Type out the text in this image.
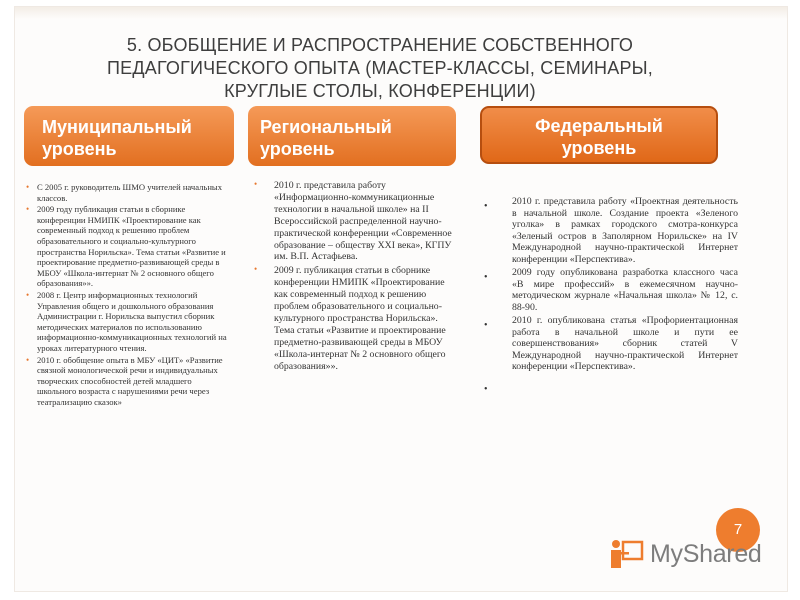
5. ОБОБЩЕНИЕ И РАСПРОСТРАНЕНИЕ СОБСТВЕННОГО
ПЕДАГОГИЧЕСКОГО ОПЫТА (МАСТЕР-КЛАССЫ, СЕМИНАРЫ,
КРУГЛЫЕ СТОЛЫ, КОНФЕРЕНЦИИ)
Муниципальный
уровень
Региональный
уровень
Федеральный
уровень
• С 2005 г. руководитель ШМО учителей начальных классов.
• 2009 году публикация статьи в сборнике конференции НМИПК «Проектирование как современный подход к решению проблем образовательного и социально-культурного пространства Норильска». Тема статьи «Развитие и проектирование предметно-развивающей среды в МБОУ «Школа-интернат № 2 основного общего образования»».
• 2008 г. Центр информационных технологий Управления общего и дошкольного образования Администрации г. Норильска выпустил сборник методических материалов по использованию информационно-коммуникационных технологий на уроках литературного чтения.
• 2010 г. обобщение опыта в МБУ «ЦИТ» «Развитие связной монологической речи и индивидуальных творческих способностей детей младшего школьного возраста с нарушениями речи через театрализацию сказок»
• 2010 г. представила работу «Информационно-коммуникационные технологии в начальной школе» на II Всероссийской распределенной научно-практической конференции «Современное образование – обществу XXI века», КГПУ им. В.П. Астафьева.
• 2009 г. публикация статьи в сборнике конференции НМИПК «Проектирование как современный подход к решению проблем образовательного и социально-культурного пространства Норильска». Тема статьи «Развитие и проектирование предметно-развивающей среды в МБОУ «Школа-интернат № 2 основного общего образования»».
• 2010 г. представила работу «Проектная деятельность в начальной школе. Создание проекта «Зеленого уголка» в рамках городского смотра-конкурса «Зеленый остров в Заполярном Норильске» на IV Международной научно-практической Интернет конференции «Перспектива».
• 2009 году опубликована разработка классного часа «В мире профессий» в ежемесячном научно-методическом журнале «Начальная школа» № 12, с. 88-90.
• 2010 г. опубликована статья «Профориентационная работа в начальной школе и пути ее совершенствования» сборник статей V Международной научно-практической Интернет конференции «Перспектива».
•
7
MyShared
